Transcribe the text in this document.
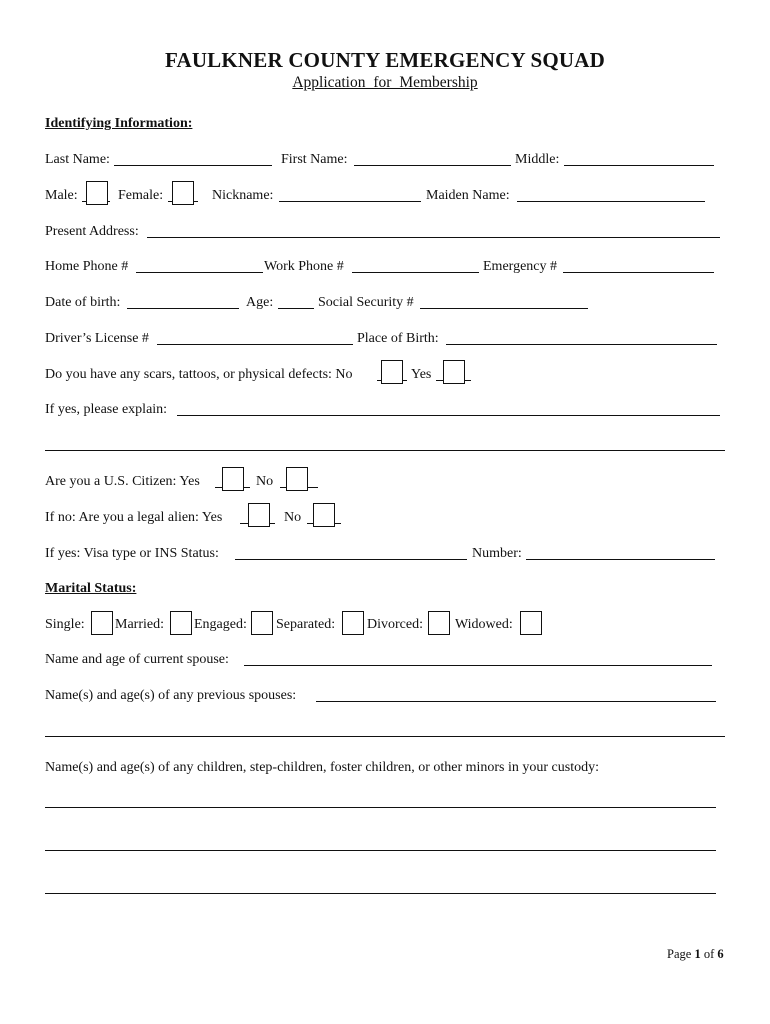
FAULKNER COUNTY EMERGENCY SQUAD
Application for Membership
Identifying Information:
Last Name:	First Name:	Middle:
Male:	Female:	Nickname:	Maiden Name:
Present Address:
Home Phone #	Work Phone #	Emergency #
Date of birth:	Age:	Social Security #
Driver’s License #	Place of Birth:
Do you have any scars, tattoos, or physical defects: No	Yes
If yes, please explain:
Are you a U.S. Citizen: Yes	No
If no: Are you a legal alien: Yes	No
If yes: Visa type or INS Status:	Number:
Marital Status:
Single: Married: Engaged: Separated: Divorced: Widowed:
Name and age of current spouse:
Name(s) and age(s) of any previous spouses:
Name(s) and age(s) of any children, step-children, foster children, or other minors in your custody:
Page 1 of 6
